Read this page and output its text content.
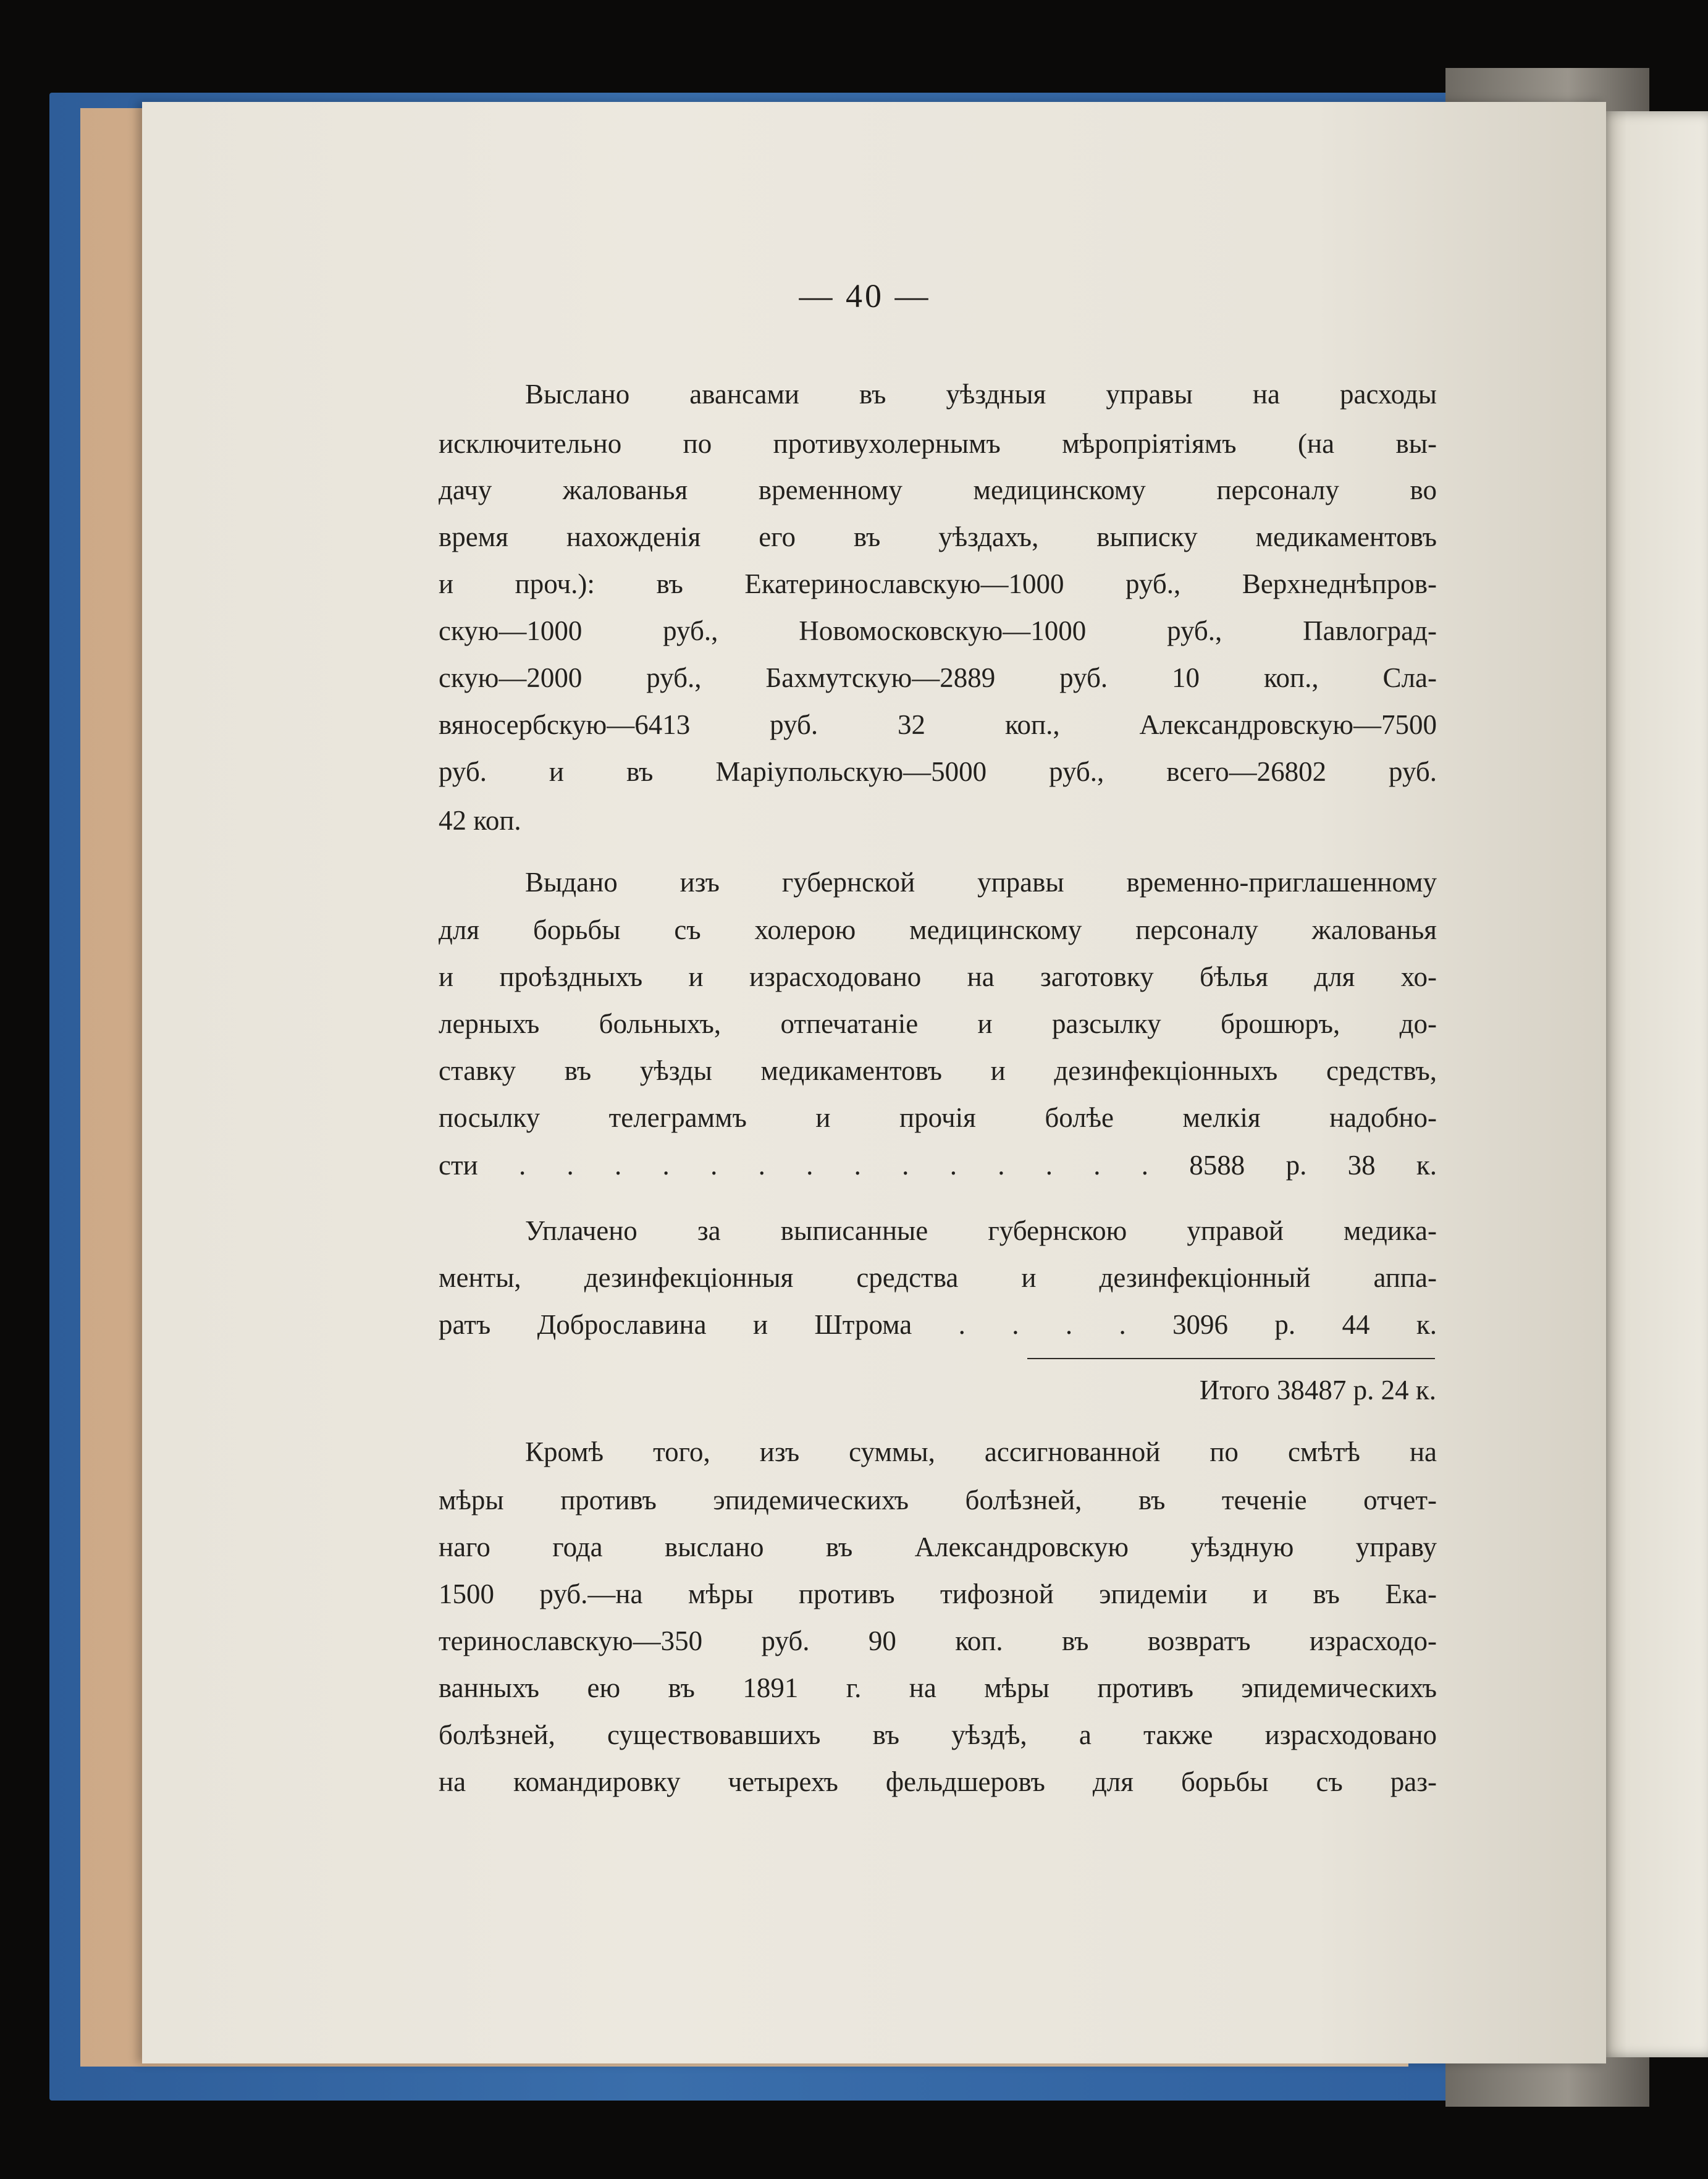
— 40 —
Выслано авансами въ уѣздныя управы на расходы
исключительно по противухолернымъ мѣропріятіямъ (на вы-
дачу жалованья временному медицинскому персоналу во
время нахожденія его въ уѣздахъ, выписку медикаментовъ
и проч.): въ Екатеринославскую—1000 руб., Верхнеднѣпров-
скую—1000 руб., Новомосковскую—1000 руб., Павлоград-
скую—2000 руб., Бахмутскую—2889 руб. 10 коп., Сла-
вяносербскую—6413 руб. 32 коп., Александровскую—7500
руб. и въ Маріупольскую—5000 руб., всего—26802 руб.
42 коп.
Выдано изъ губернской управы временно-приглашенному
для борьбы съ холерою медицинскому персоналу жалованья
и проѣздныхъ и израсходовано на заготовку бѣлья для хо-
лерныхъ больныхъ, отпечатаніе и разсылку брошюръ, до-
ставку въ уѣзды медикаментовъ и дезинфекціонныхъ средствъ,
посылку телеграммъ и прочія болѣе мелкія надобно-
сти . . . . . . . . . . . . . . 8588 р. 38 к.
Уплачено за выписанные губернскою управой медика-
менты, дезинфекціонныя средства и дезинфекціонный аппа-
ратъ Доброславина и Штрома . . . . 3096 р. 44 к.
Итого 38487 р. 24 к.
Кромѣ того, изъ суммы, ассигнованной по смѣтѣ на
мѣры противъ эпидемическихъ болѣзней, въ теченіе отчет-
наго года выслано въ Александровскую уѣздную управу
1500 руб.—на мѣры противъ тифозной эпидеміи и въ Ека-
теринославскую—350 руб. 90 коп. въ возвратъ израсходо-
ванныхъ ею въ 1891 г. на мѣры противъ эпидемическихъ
болѣзней, существовавшихъ въ уѣздѣ, а также израсходовано
на командировку четырехъ фельдшеровъ для борьбы съ раз-
